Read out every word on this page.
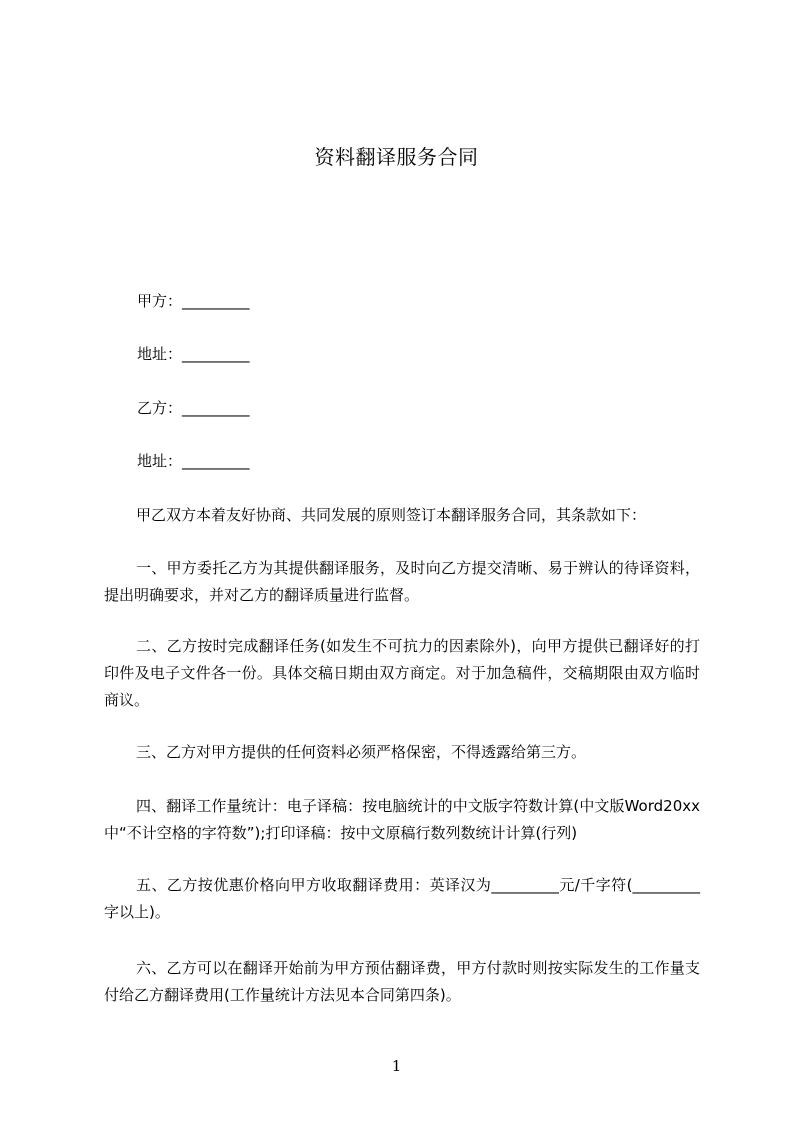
资料翻译服务合同
甲方：_________
地址：_________
乙方：_________
地址：_________
甲乙双方本着友好协商、共同发展的原则签订本翻译服务合同，其条款如下：
一、甲方委托乙方为其提供翻译服务，及时向乙方提交清晰、易于辨认的待译资料，提出明确要求，并对乙方的翻译质量进行监督。
二、乙方按时完成翻译任务(如发生不可抗力的因素除外)，向甲方提供已翻译好的打印件及电子文件各一份。具体交稿日期由双方商定。对于加急稿件，交稿期限由双方临时商议。
三、乙方对甲方提供的任何资料必须严格保密，不得透露给第三方。
四、翻译工作量统计：电子译稿：按电脑统计的中文版字符数计算(中文版Word20xx中“不计空格的字符数”);打印译稿：按中文原稿行数列数统计计算(行列)
五、乙方按优惠价格向甲方收取翻译费用：英译汉为_________元/千字符(_________字以上)。
六、乙方可以在翻译开始前为甲方预估翻译费，甲方付款时则按实际发生的工作量支付给乙方翻译费用(工作量统计方法见本合同第四条)。
1
